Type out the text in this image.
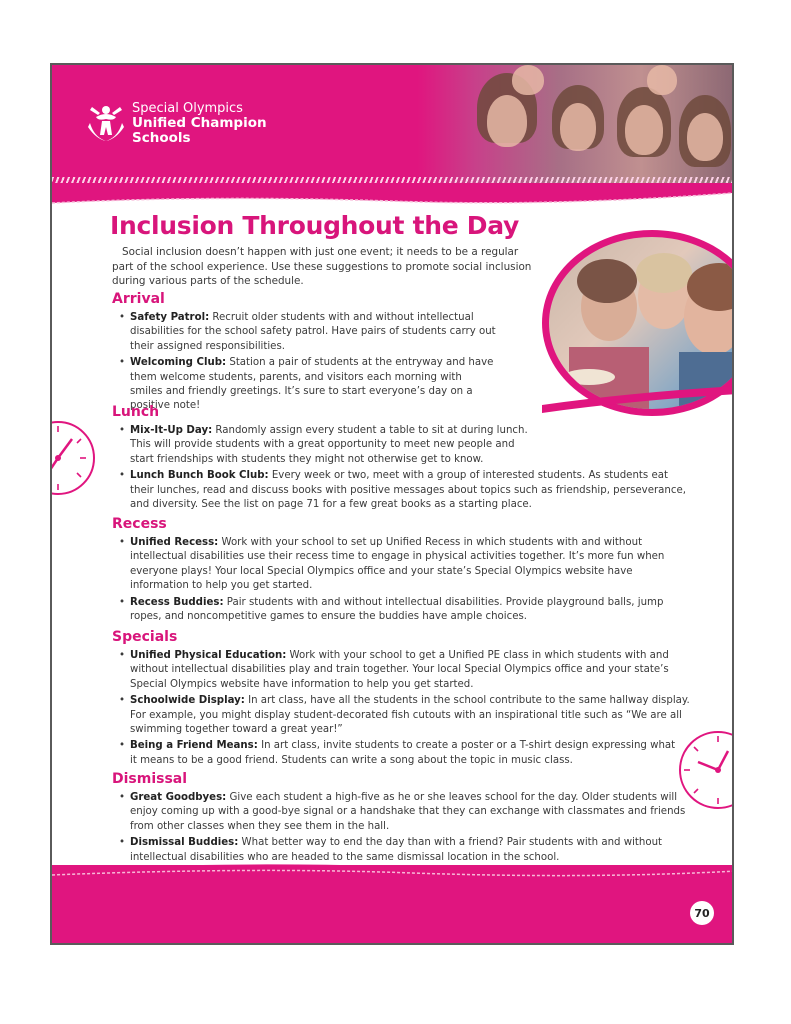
Special Olympics
Unified Champion
Schools
Inclusion Throughout the Day

Social inclusion doesn’t happen with just one event; it needs to be a regular part of the school experience. Use these suggestions to promote social inclusion during various parts of the schedule.

Arrival
• Safety Patrol: Recruit older students with and without intellectual disabilities for the school safety patrol. Have pairs of students carry out their assigned responsibilities.
• Welcoming Club: Station a pair of students at the entryway and have them welcome students, parents, and visitors each morning with smiles and friendly greetings. It’s sure to start everyone’s day on a positive note!
Lunch
• Mix-It-Up Day: Randomly assign every student a table to sit at during lunch. This will provide students with a great opportunity to meet new people and start friendships with students they might not otherwise get to know.
• Lunch Bunch Book Club: Every week or two, meet with a group of interested students. As students eat their lunches, read and discuss books with positive messages about topics such as friendship, perseverance, and diversity. See the list on page 71 for a few great books as a starting place.
Recess
• Unified Recess: Work with your school to set up Unified Recess in which students with and without intellectual disabilities use their recess time to engage in physical activities together. It’s more fun when everyone plays! Your local Special Olympics office and your state’s Special Olympics website have information to help you get started.
• Recess Buddies: Pair students with and without intellectual disabilities. Provide playground balls, jump ropes, and noncompetitive games to ensure the buddies have ample choices.
Specials
• Unified Physical Education: Work with your school to get a Unified PE class in which students with and without intellectual disabilities play and train together. Your local Special Olympics office and your state’s Special Olympics website have information to help you get started.
• Schoolwide Display: In art class, have all the students in the school contribute to the same hallway display. For example, you might display student-decorated fish cutouts with an inspirational title such as “We are all swimming together toward a great year!”
• Being a Friend Means: In art class, invite students to create a poster or a T-shirt design expressing what it means to be a good friend. Students can write a song about the topic in music class.
Dismissal
• Great Goodbyes: Give each student a high-five as he or she leaves school for the day. Older students will enjoy coming up with a good-bye signal or a handshake that they can exchange with classmates and friends from other classes when they see them in the hall.
• Dismissal Buddies: What better way to end the day than with a friend? Pair students with and without intellectual disabilities who are headed to the same dismissal location in the school.
70
